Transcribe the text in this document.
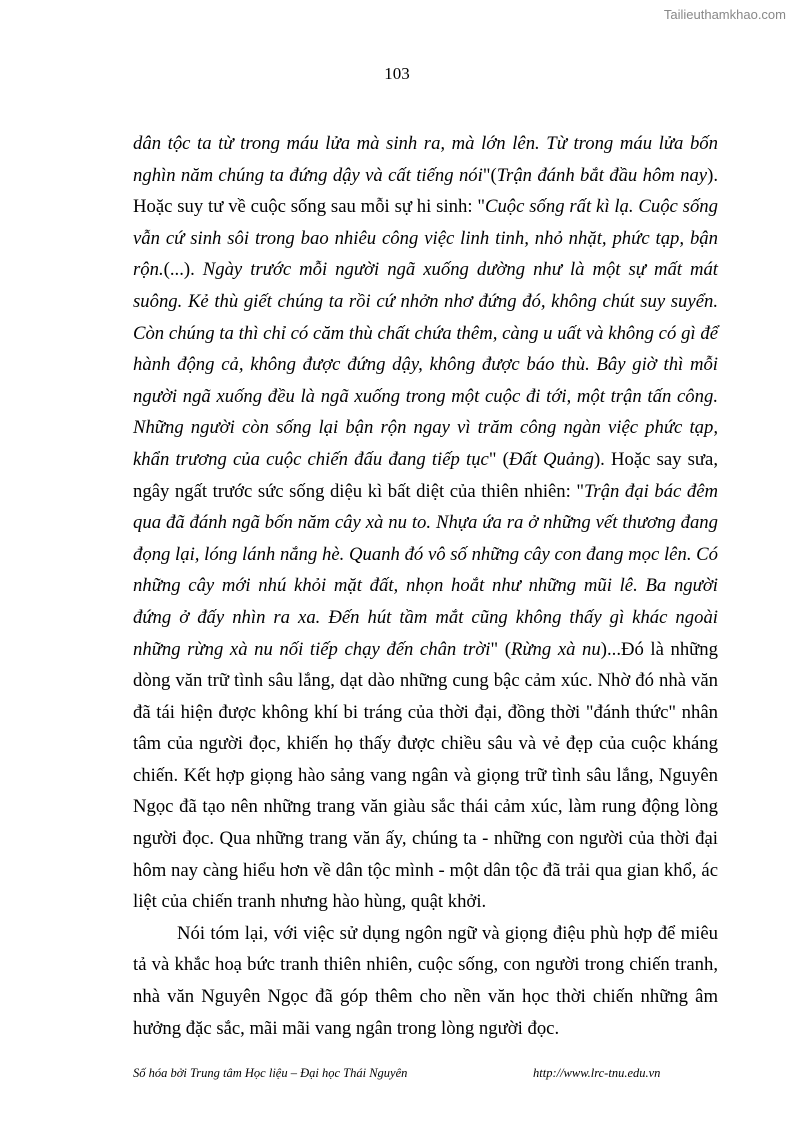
Tailieuthamkhao.com
103

dân tộc ta từ trong máu lửa mà sinh ra, mà lớn lên. Từ trong máu lửa bốn nghìn năm chúng ta đứng dậy và cất tiếng nói"(Trận đánh bắt đầu hôm nay). Hoặc suy tư về cuộc sống sau mỗi sự hi sinh: "Cuộc sống rất kì lạ. Cuộc sống vẫn cứ sinh sôi trong bao nhiêu công việc linh tinh, nhỏ nhặt, phức tạp, bận rộn.(...). Ngày trước mỗi người ngã xuống dường như là một sự mất mát suông. Kẻ thù giết chúng ta rồi cứ nhởn nhơ đứng đó, không chút suy suyển. Còn chúng ta thì chỉ có căm thù chất chứa thêm, càng u uất và không có gì để hành động cả, không được đứng dậy, không được báo thù. Bây giờ thì mỗi người ngã xuống đều là ngã xuống trong một cuộc đi tới, một trận tấn công. Những người còn sống lại bận rộn ngay vì trăm công ngàn việc phức tạp, khẩn trương của cuộc chiến đấu đang tiếp tục" (Đất Quảng). Hoặc say sưa, ngây ngất trước sức sống diệu kì bất diệt của thiên nhiên: "Trận đại bác đêm qua đã đánh ngã bốn năm cây xà nu to. Nhựa ứa ra ở những vết thương đang đọng lại, lóng lánh nắng hè. Quanh đó vô số những cây con đang mọc lên. Có những cây mới nhú khỏi mặt đất, nhọn hoắt như những mũi lê. Ba người đứng ở đấy nhìn ra xa. Đến hút tầm mắt cũng không thấy gì khác ngoài những rừng xà nu nối tiếp chạy đến chân trời" (Rừng xà nu)...Đó là những dòng văn trữ tình sâu lắng, dạt dào những cung bậc cảm xúc. Nhờ đó nhà văn đã tái hiện được không khí bi tráng của thời đại, đồng thời "đánh thức" nhân tâm của người đọc, khiến họ thấy được chiều sâu và vẻ đẹp của cuộc kháng chiến. Kết hợp giọng hào sảng vang ngân và giọng trữ tình sâu lắng, Nguyên Ngọc đã tạo nên những trang văn giàu sắc thái cảm xúc, làm rung động lòng người đọc. Qua những trang văn ấy, chúng ta - những con người của thời đại hôm nay càng hiểu hơn về dân tộc mình - một dân tộc đã trải qua gian khổ, ác liệt của chiến tranh nhưng hào hùng, quật khởi.

Nói tóm lại, với việc sử dụng ngôn ngữ và giọng điệu phù hợp để miêu tả và khắc hoạ bức tranh thiên nhiên, cuộc sống, con người trong chiến tranh, nhà văn Nguyên Ngọc đã góp thêm cho nền văn học thời chiến những âm hưởng đặc sắc, mãi mãi vang ngân trong lòng người đọc.

Số hóa bởi Trung tâm Học liệu – Đại học Thái Nguyên	http://www.lrc-tnu.edu.vn
